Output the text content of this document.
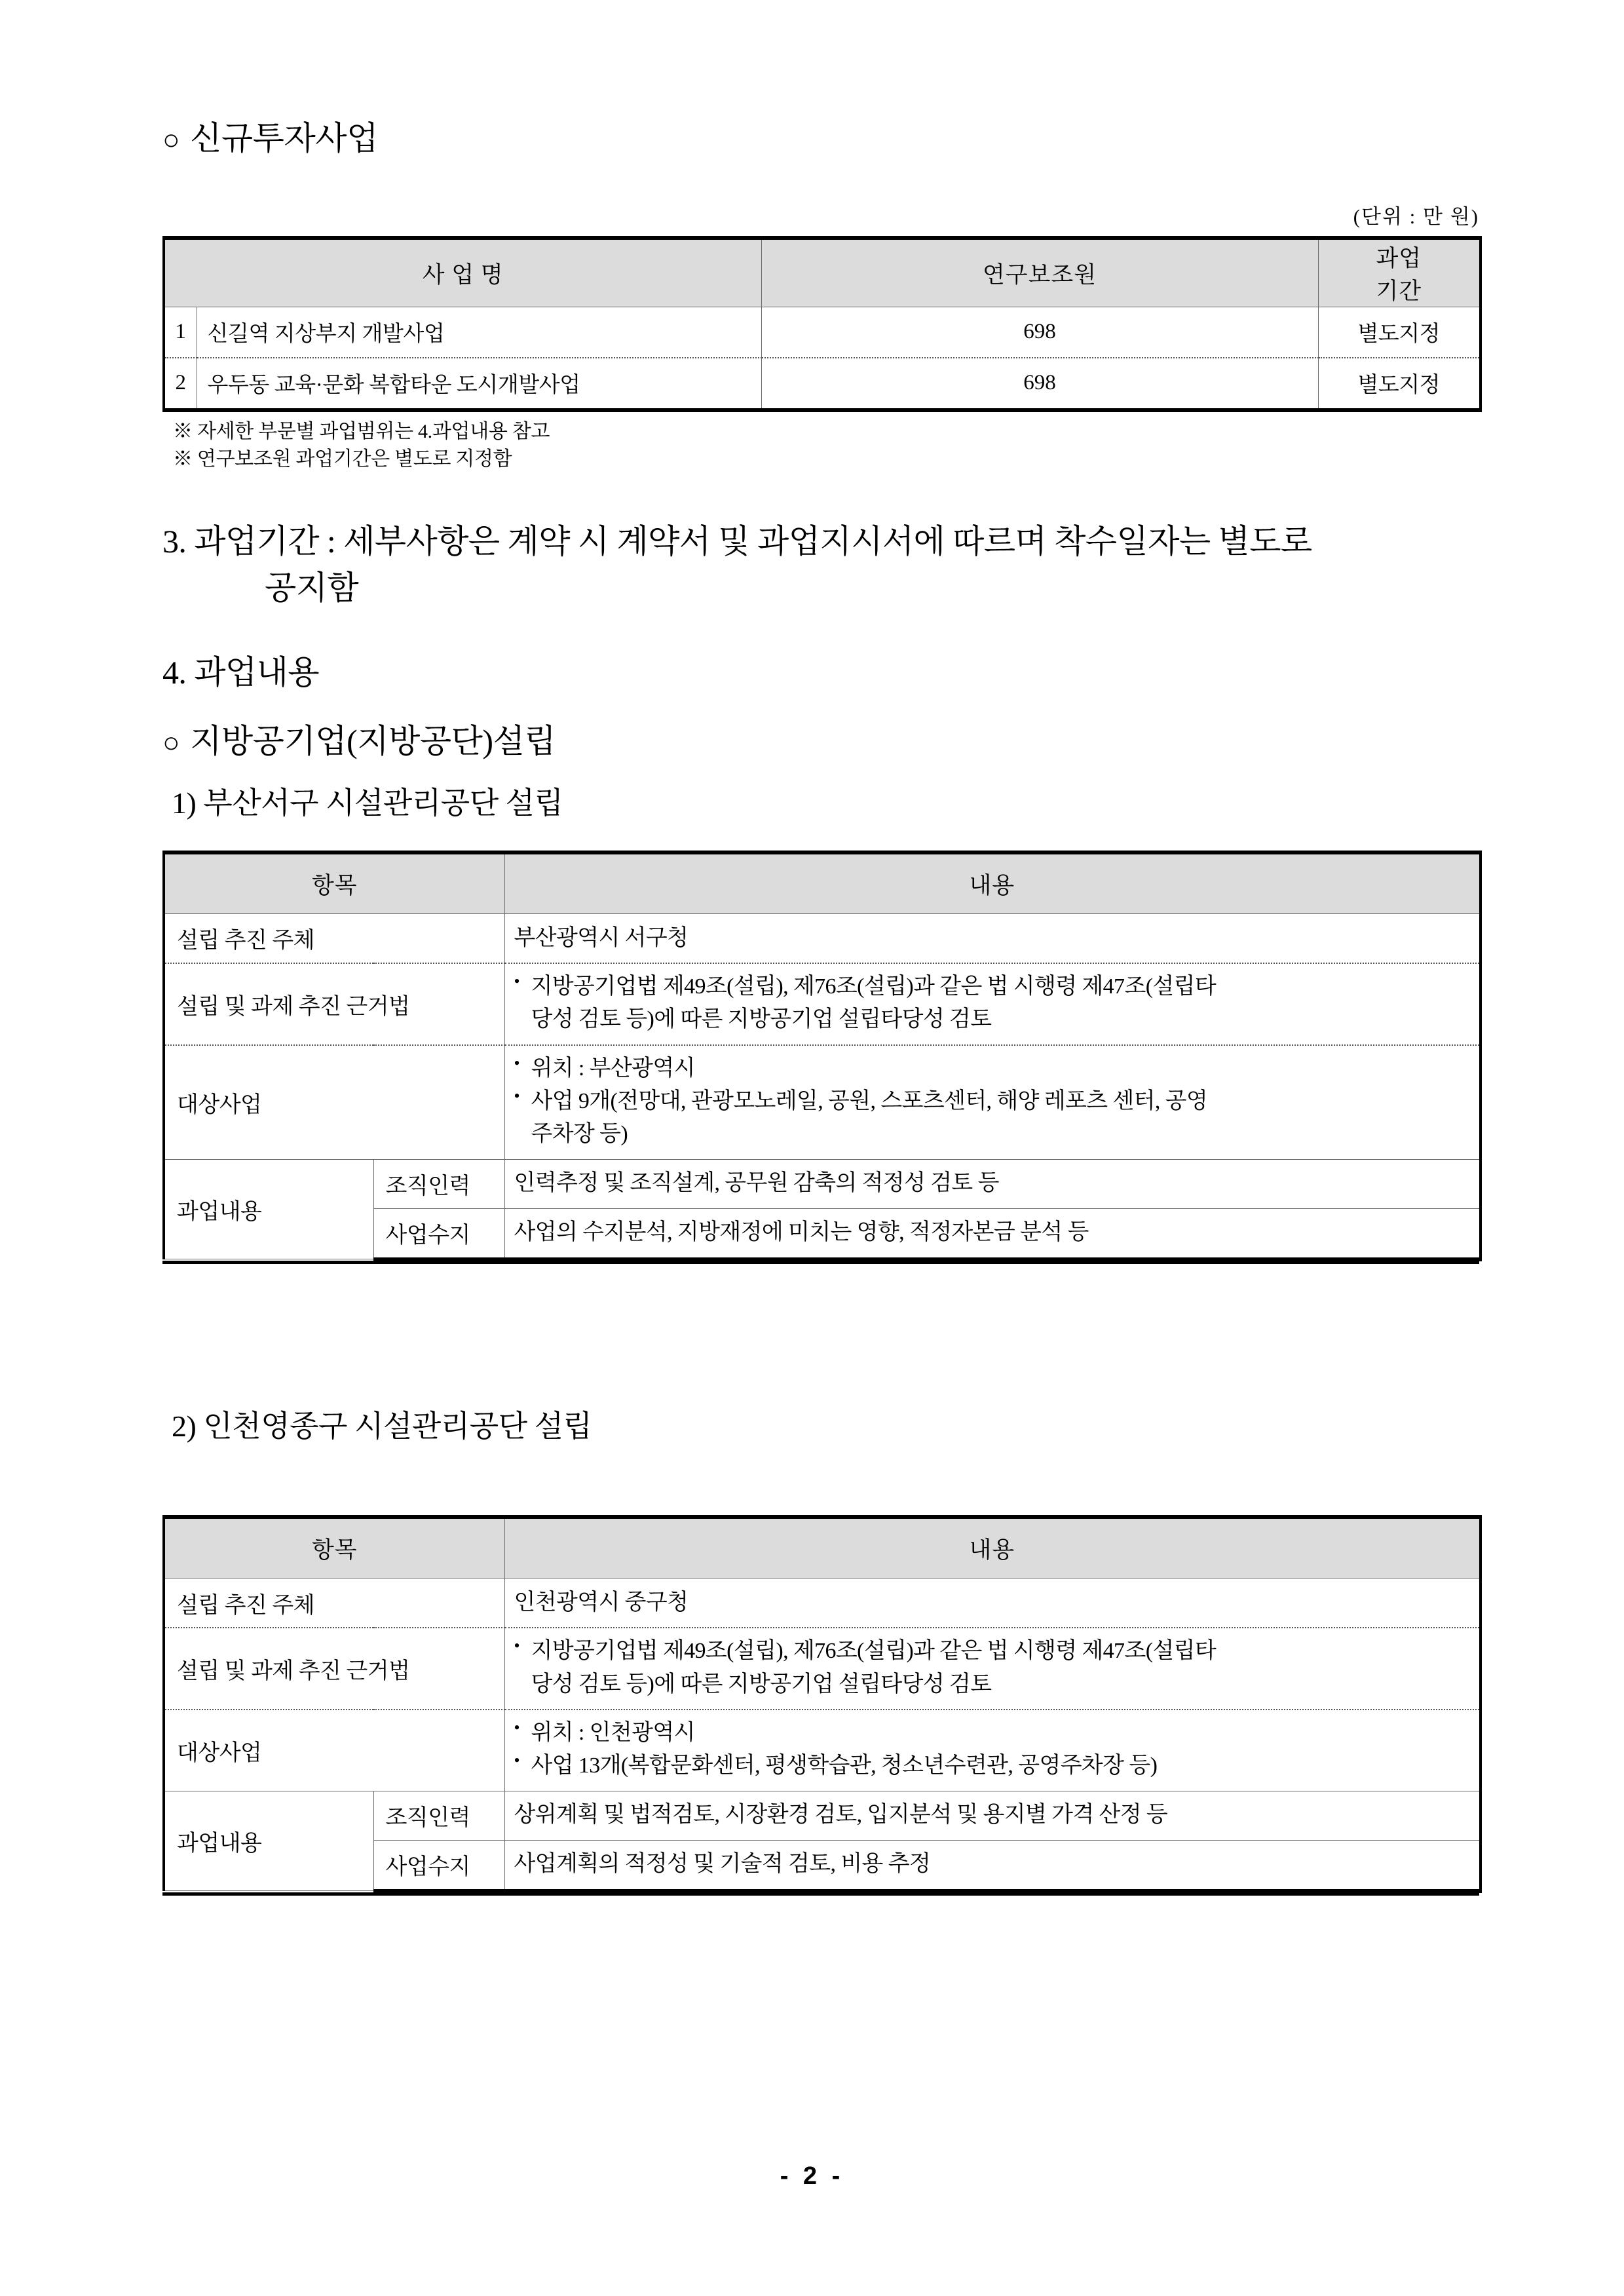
○ 신규투자사업
(단위 : 만 원)
사 업 명		연구보조원	과업
기간

1	신길역 지상부지 개발사업	698	별도지정
2	우두동 교육·문화 복합타운 도시개발사업	698	별도지정
※ 자세한 부문별 과업범위는 4.과업내용 참고
※ 연구보조원 과업기간은 별도로 지정함
3. 과업기간 : 세부사항은 계약 시 계약서 및 과업지시서에 따르며 착수일자는 별도로
공지함
4. 과업내용
○ 지방공기업(지방공단)설립
1) 부산서구 시설관리공단 설립
항목		내용
설립 추진 주체		부산광역시 서구청
설립 및 과제 추진 근거법		• 지방공기업법 제49조(설립), 제76조(설립)과 같은 법 시행령 제47조(설립타
당성 검토 등)에 따른 지방공기업 설립타당성 검토

대상사업		• 위치 : 부산광역시
• 사업 9개(전망대, 관광모노레일, 공원, 스포츠센터, 해양 레포츠 센터, 공영
주차장 등)

과업내용	조직인력	인력추정 및 조직설계, 공무원 감축의 적정성 검토 등
	사업수지	사업의 수지분석, 지방재정에 미치는 영향, 적정자본금 분석 등
2) 인천영종구 시설관리공단 설립
항목		내용
설립 추진 주체		인천광역시 중구청
설립 및 과제 추진 근거법		• 지방공기업법 제49조(설립), 제76조(설립)과 같은 법 시행령 제47조(설립타
당성 검토 등)에 따른 지방공기업 설립타당성 검토

대상사업		• 위치 : 인천광역시
• 사업 13개(복합문화센터, 평생학습관, 청소년수련관, 공영주차장 등)

과업내용	조직인력	상위계획 및 법적검토, 시장환경 검토, 입지분석 및 용지별 가격 산정 등
	사업수지	사업계획의 적정성 및 기술적 검토, 비용 추정
- 2 -
